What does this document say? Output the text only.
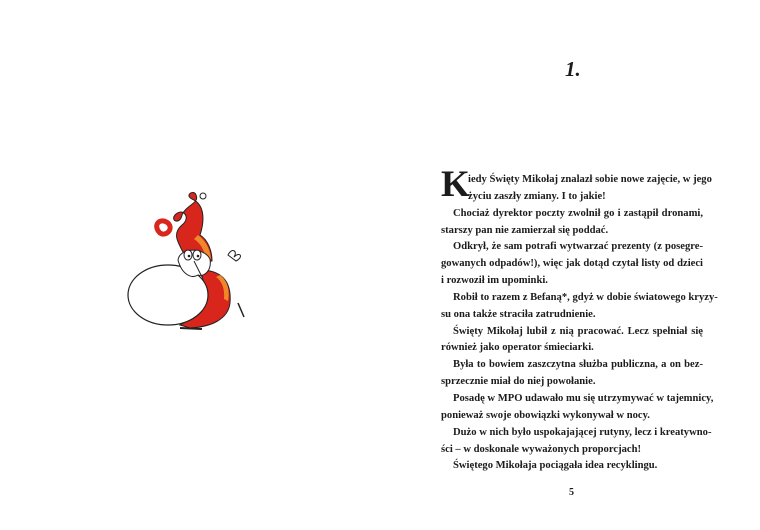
1.
K
iedy Święty Mikołaj znalazł sobie nowe zajęcie, w jego
życiu zaszły zmiany. I to jakie!
Chociaż dyrektor poczty zwolnił go i zastąpił dronami,
starszy pan nie zamierzał się poddać.
Odkrył, że sam potrafi wytwarzać prezenty (z posegre-
gowanych odpadów!), więc jak dotąd czytał listy od dzieci
i rozwoził im upominki.
Robił to razem z Befaną*, gdyż w dobie światowego kryzy-
su ona także straciła zatrudnienie.
Święty Mikołaj lubił z nią pracować. Lecz spełniał się
również jako operator śmieciarki.
Była to bowiem zaszczytna służba publiczna, a on bez-
sprzecznie miał do niej powołanie.
Posadę w MPO udawało mu się utrzymywać w tajemnicy,
ponieważ swoje obowiązki wykonywał w nocy.
Dużo w nich było uspokajającej rutyny, lecz i kreatywno-
ści – w doskonale wyważonych proporcjach!
Świętego Mikołaja pociągała idea recyklingu.
5
